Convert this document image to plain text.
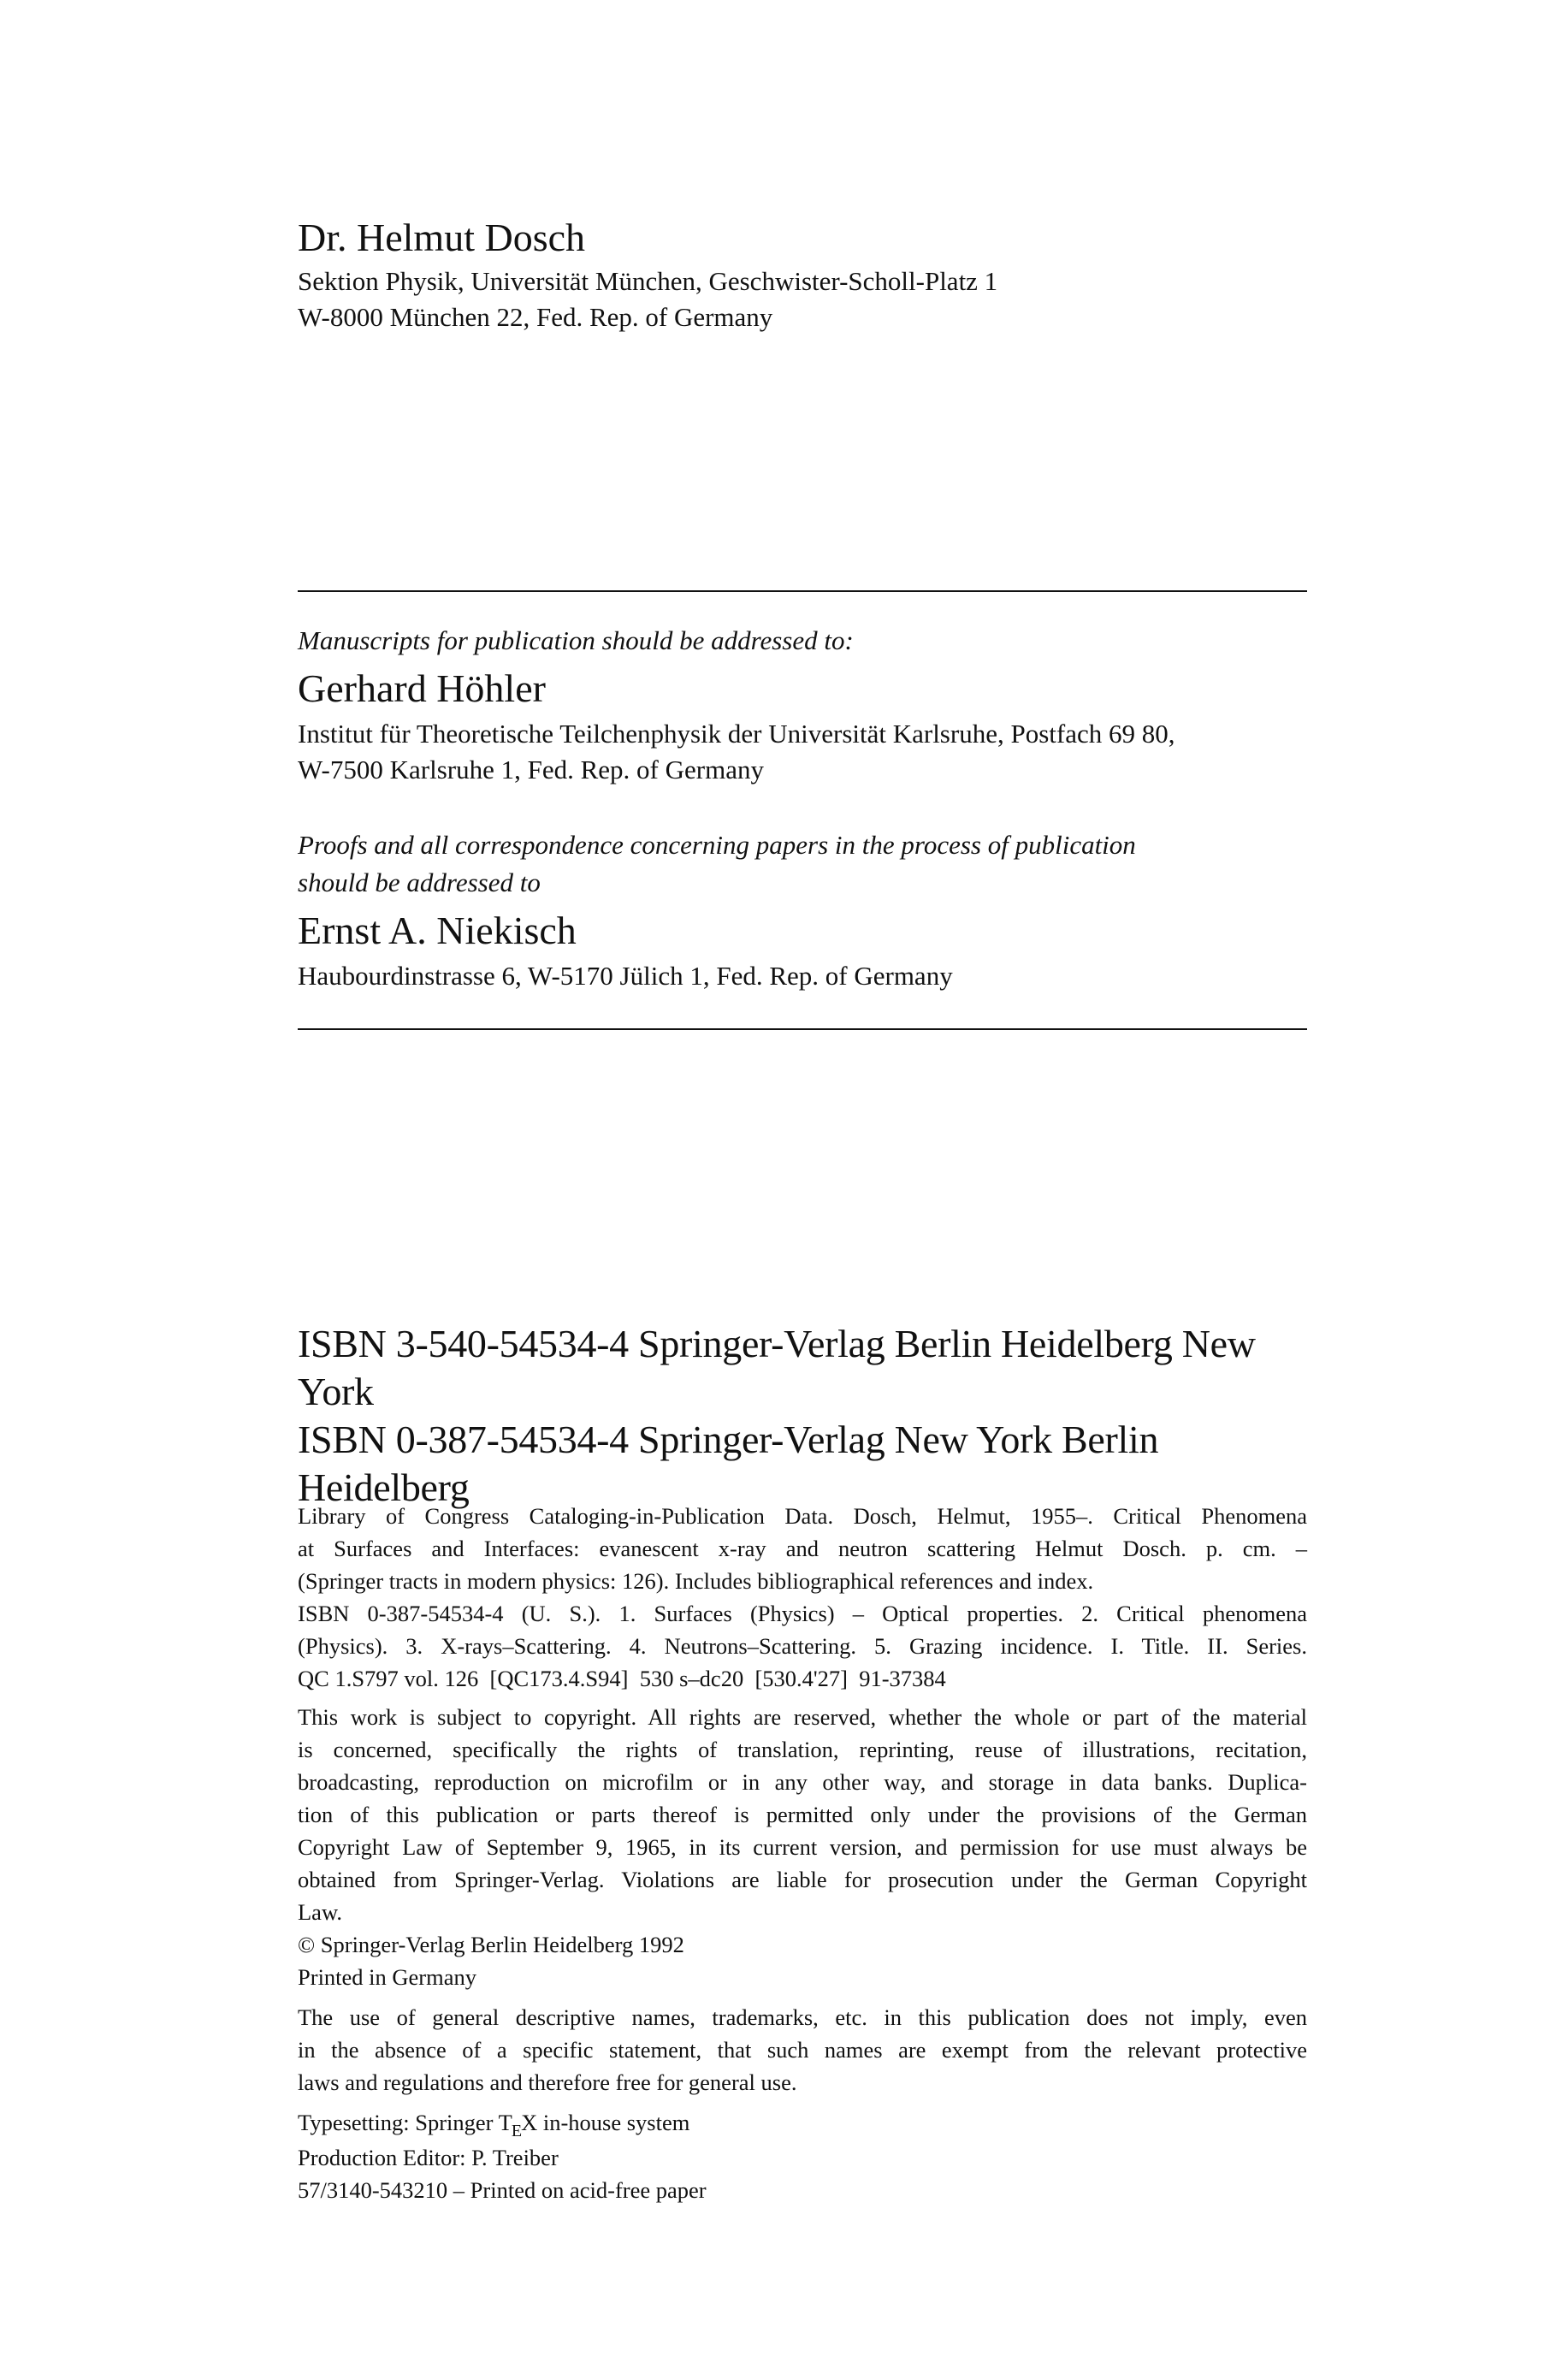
Dr. Helmut Dosch
Sektion Physik, Universität München, Geschwister-Scholl-Platz 1
W-8000 München 22, Fed. Rep. of Germany
Manuscripts for publication should be addressed to:
Gerhard Höhler
Institut für Theoretische Teilchenphysik der Universität Karlsruhe, Postfach 69 80,
W-7500 Karlsruhe 1, Fed. Rep. of Germany
Proofs and all correspondence concerning papers in the process of publication
should be addressed to
Ernst A. Niekisch
Haubourdinstrasse 6, W-5170 Jülich 1, Fed. Rep. of Germany
ISBN 3-540-54534-4 Springer-Verlag Berlin Heidelberg New York
ISBN 0-387-54534-4 Springer-Verlag New York Berlin Heidelberg
Library of Congress Cataloging-in-Publication Data. Dosch, Helmut, 1955–. Critical Phenomena
at Surfaces and Interfaces: evanescent x-ray and neutron scattering Helmut Dosch. p. cm. –
(Springer tracts in modern physics: 126). Includes bibliographical references and index.
ISBN 0-387-54534-4 (U. S.). 1. Surfaces (Physics) – Optical properties. 2. Critical phenomena
(Physics). 3. X-rays–Scattering. 4. Neutrons–Scattering. 5. Grazing incidence. I. Title. II. Series.
QC 1.S797 vol. 126  [QC173.4.S94]  530 s–dc20  [530.4'27]  91-37384
This work is subject to copyright. All rights are reserved, whether the whole or part of the material
is concerned, specifically the rights of translation, reprinting, reuse of illustrations, recitation,
broadcasting, reproduction on microfilm or in any other way, and storage in data banks. Duplica-
tion of this publication or parts thereof is permitted only under the provisions of the German
Copyright Law of September 9, 1965, in its current version, and permission for use must always be
obtained from Springer-Verlag. Violations are liable for prosecution under the German Copyright
Law.
© Springer-Verlag Berlin Heidelberg 1992
Printed in Germany
The use of general descriptive names, trademarks, etc. in this publication does not imply, even
in the absence of a specific statement, that such names are exempt from the relevant protective
laws and regulations and therefore free for general use.
Typesetting: Springer $T_EX$ in-house system
Production Editor: P. Treiber
57/3140-543210 – Printed on acid-free paper
